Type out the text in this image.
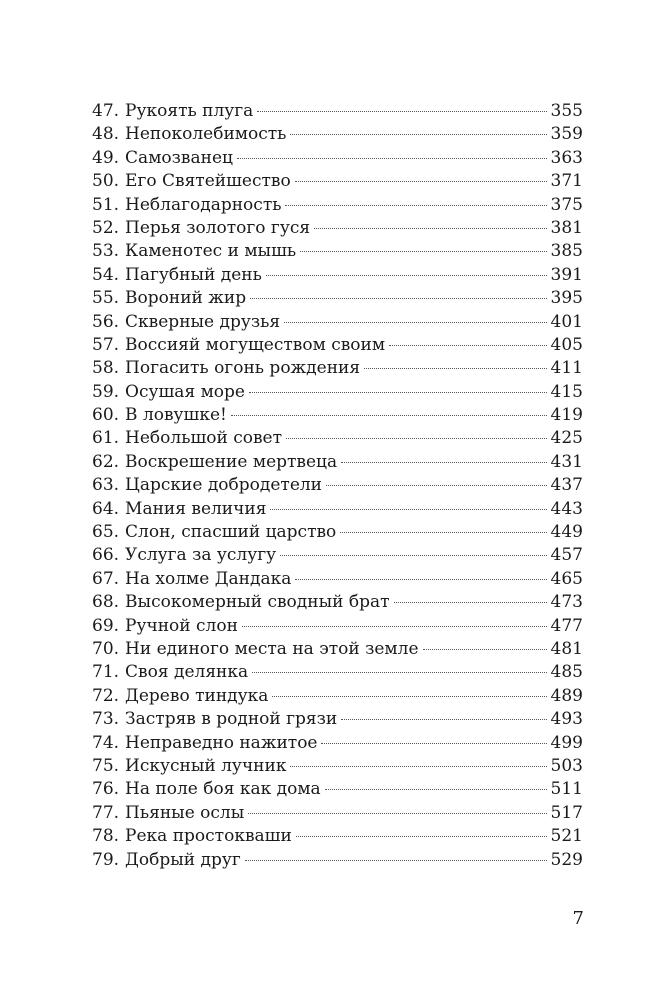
47. Рукоять плуга	355
48. Непоколебимость	359
49. Самозванец	363
50. Его Святейшество	371
51. Неблагодарность	375
52. Перья золотого гуся	381
53. Каменотес и мышь	385
54. Пагубный день	391
55. Вороний жир	395
56. Скверные друзья	401
57. Воссияй могуществом своим	405
58. Погасить огонь рождения	411
59. Осушая море	415
60. В ловушке!	419
61. Небольшой совет	425
62. Воскрешение мертвеца	431
63. Царские добродетели	437
64. Мания величия	443
65. Слон, спасший царство	449
66. Услуга за услугу	457
67. На холме Дандака	465
68. Высокомерный сводный брат	473
69. Ручной слон	477
70. Ни единого места на этой земле	481
71. Своя делянка	485
72. Дерево тиндука	489
73. Застряв в родной грязи	493
74. Неправедно нажитое	499
75. Искусный лучник	503
76. На поле боя как дома	511
77. Пьяные ослы	517
78. Река простокваши	521
79. Добрый друг	529
7
